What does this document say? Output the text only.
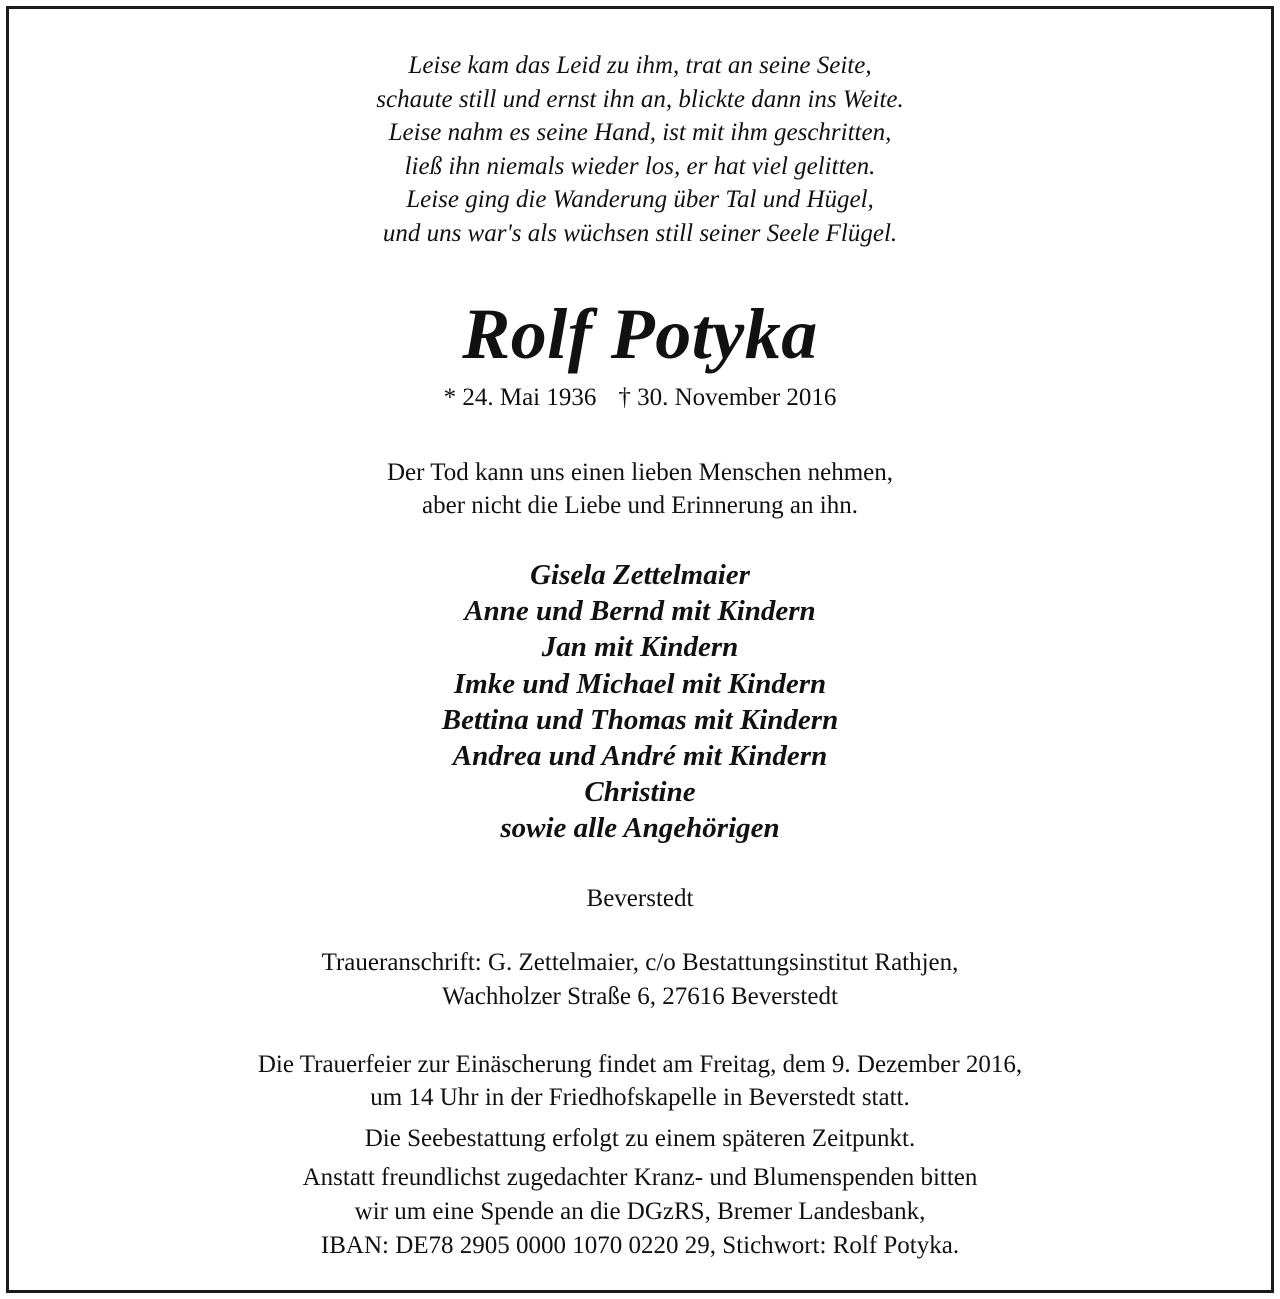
Leise kam das Leid zu ihm, trat an seine Seite,
schaute still und ernst ihn an, blickte dann ins Weite.
Leise nahm es seine Hand, ist mit ihm geschritten,
ließ ihn niemals wieder los, er hat viel gelitten.
Leise ging die Wanderung über Tal und Hügel,
und uns war's als wüchsen still seiner Seele Flügel.
Rolf Potyka
* 24. Mai 1936 † 30. November 2016
Der Tod kann uns einen lieben Menschen nehmen,
aber nicht die Liebe und Erinnerung an ihn.
Gisela Zettelmaier
Anne und Bernd mit Kindern
Jan mit Kindern
Imke und Michael mit Kindern
Bettina und Thomas mit Kindern
Andrea und André mit Kindern
Christine
sowie alle Angehörigen
Beverstedt
Traueranschrift: G. Zettelmaier, c/o Bestattungsinstitut Rathjen,
Wachholzer Straße 6, 27616 Beverstedt
Die Trauerfeier zur Einäscherung findet am Freitag, dem 9. Dezember 2016,
um 14 Uhr in der Friedhofskapelle in Beverstedt statt.
Die Seebestattung erfolgt zu einem späteren Zeitpunkt.
Anstatt freundlichst zugedachter Kranz- und Blumenspenden bitten
wir um eine Spende an die DGzRS, Bremer Landesbank,
IBAN: DE78 2905 0000 1070 0220 29, Stichwort: Rolf Potyka.
